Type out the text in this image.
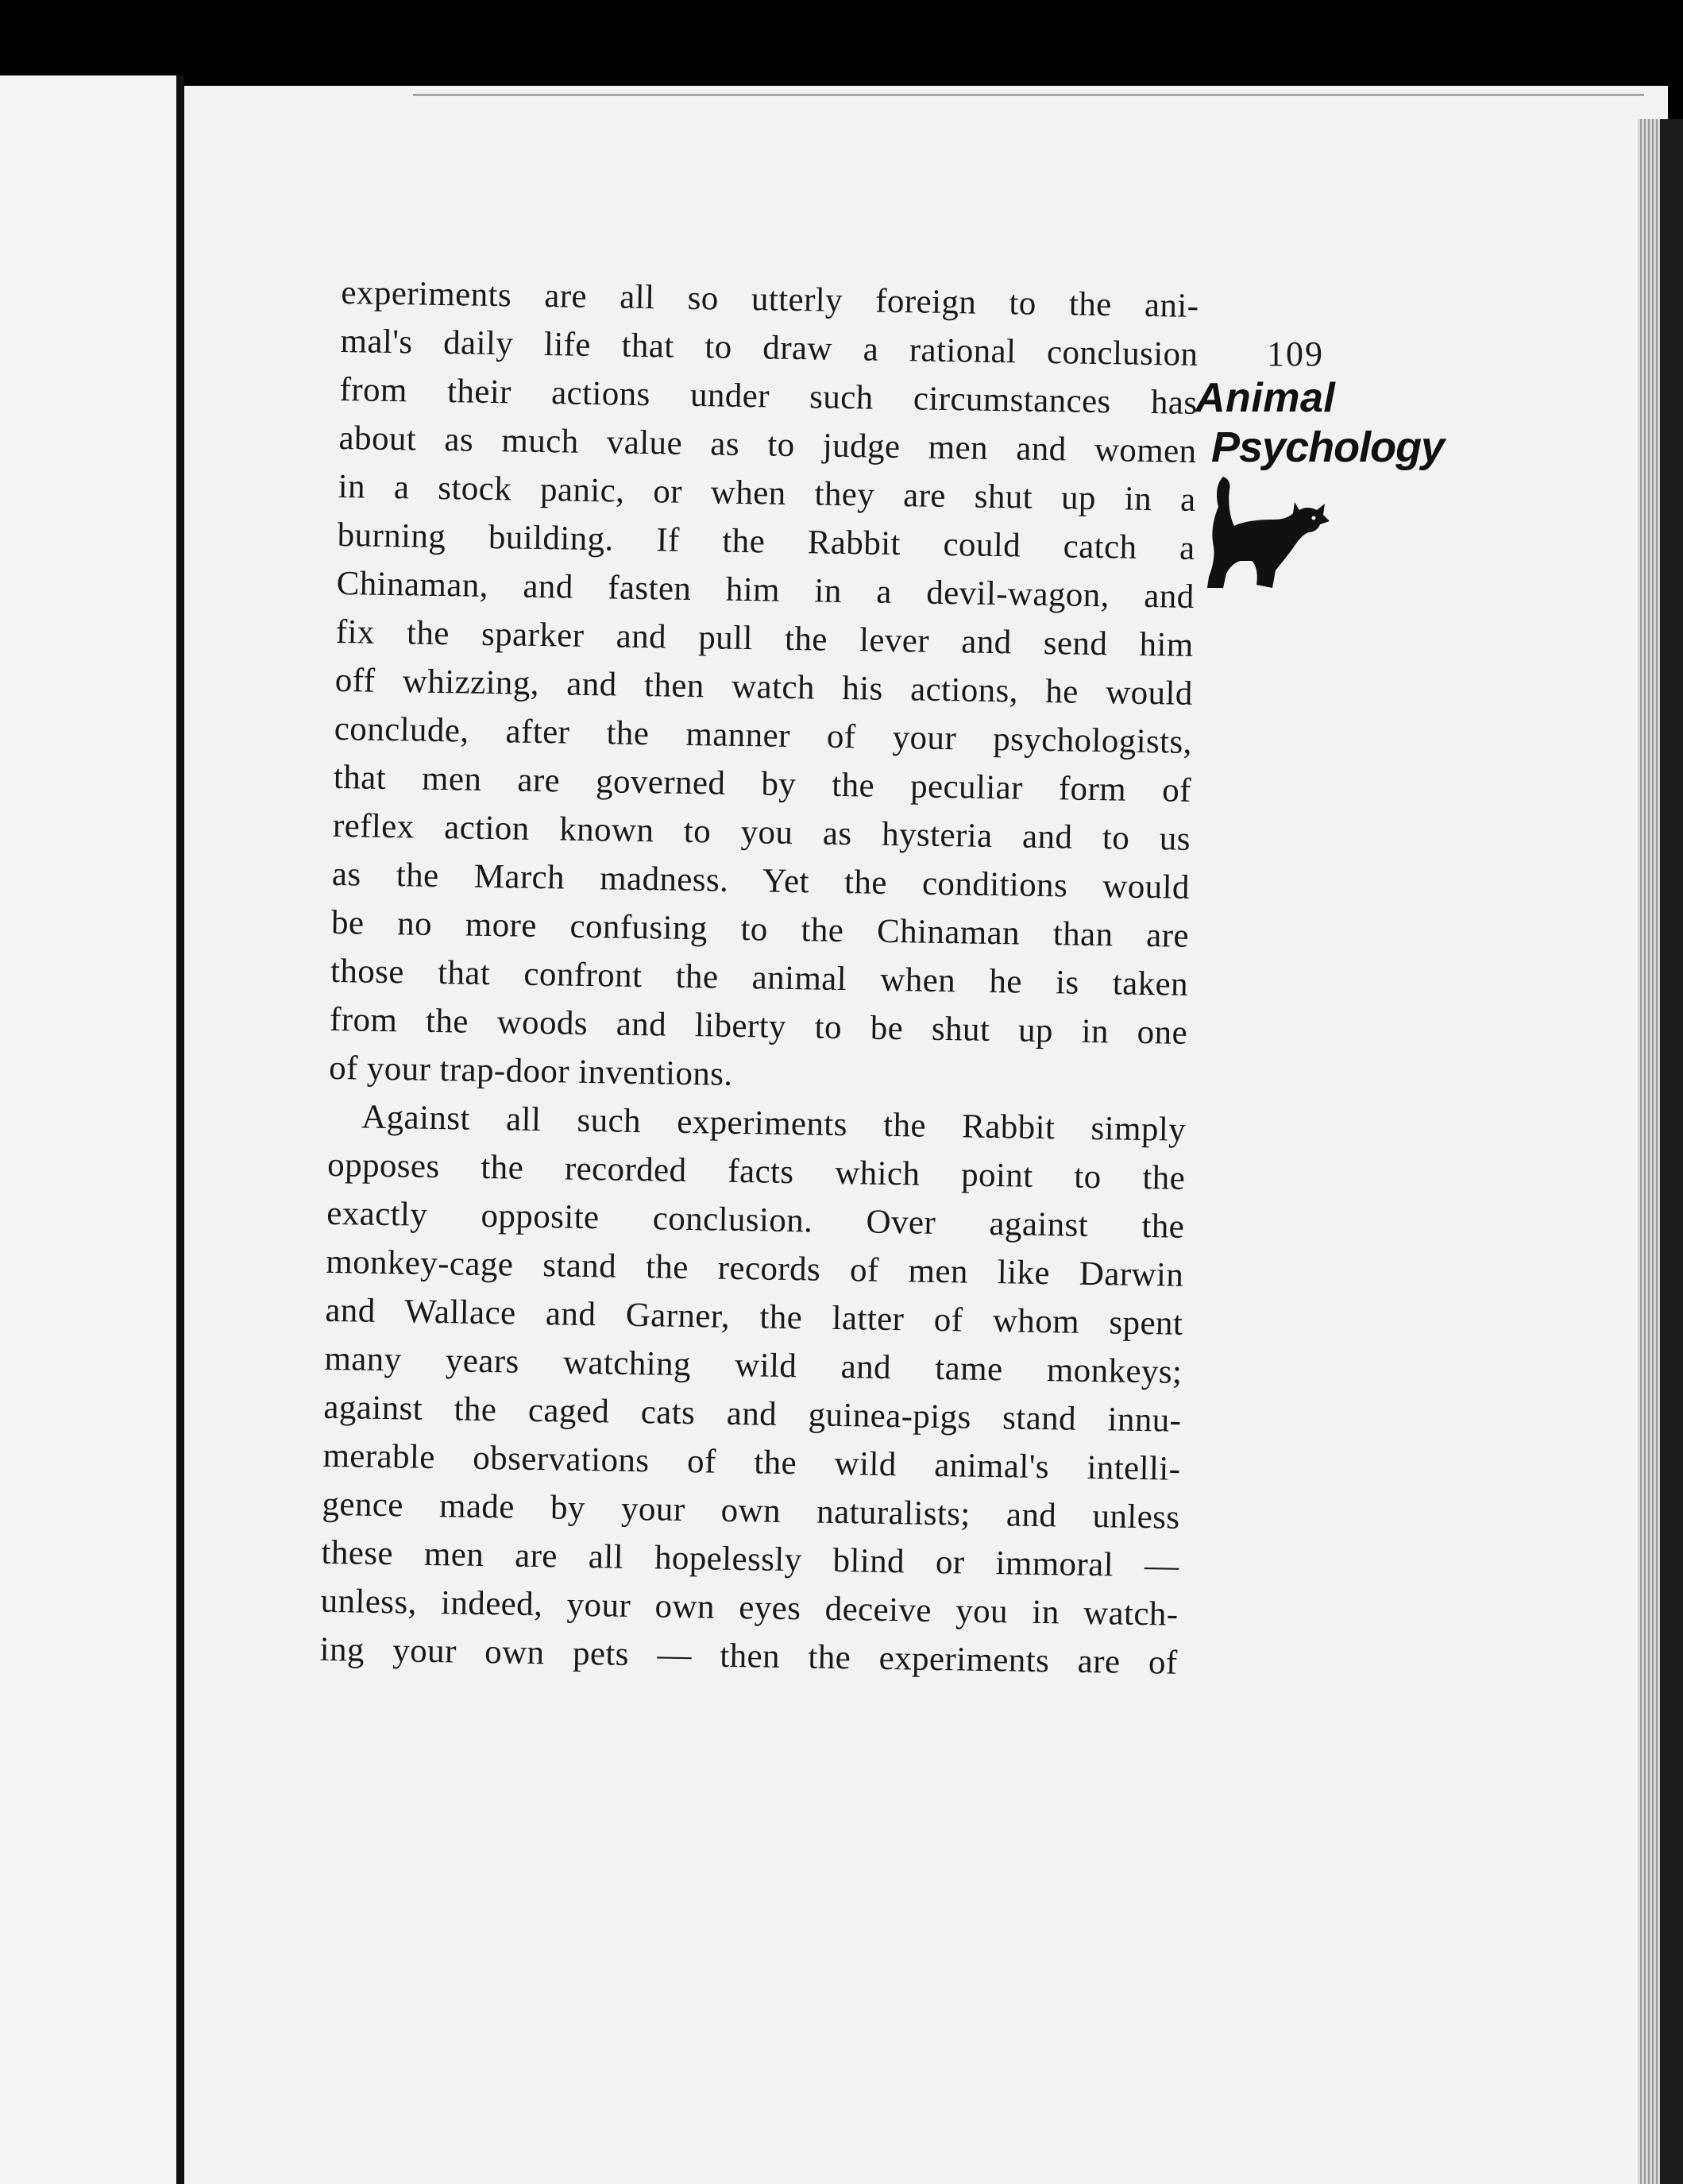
109
Animal
Psychology
experiments are all so utterly foreign to the ani-
mal's daily life that to draw a rational conclusion
from their actions under such circumstances has
about as much value as to judge men and women
in a stock panic, or when they are shut up in a
burning building. If the Rabbit could catch a
Chinaman, and fasten him in a devil-wagon, and
fix the sparker and pull the lever and send him
off whizzing, and then watch his actions, he would
conclude, after the manner of your psychologists,
that men are governed by the peculiar form of
reflex action known to you as hysteria and to us
as the March madness. Yet the conditions would
be no more confusing to the Chinaman than are
those that confront the animal when he is taken
from the woods and liberty to be shut up in one
of your trap-door inventions.
Against all such experiments the Rabbit simply
opposes the recorded facts which point to the
exactly opposite conclusion. Over against the
monkey-cage stand the records of men like Darwin
and Wallace and Garner, the latter of whom spent
many years watching wild and tame monkeys;
against the caged cats and guinea-pigs stand innu-
merable observations of the wild animal's intelli-
gence made by your own naturalists; and unless
these men are all hopelessly blind or immoral —
unless, indeed, your own eyes deceive you in watch-
ing your own pets — then the experiments are of
